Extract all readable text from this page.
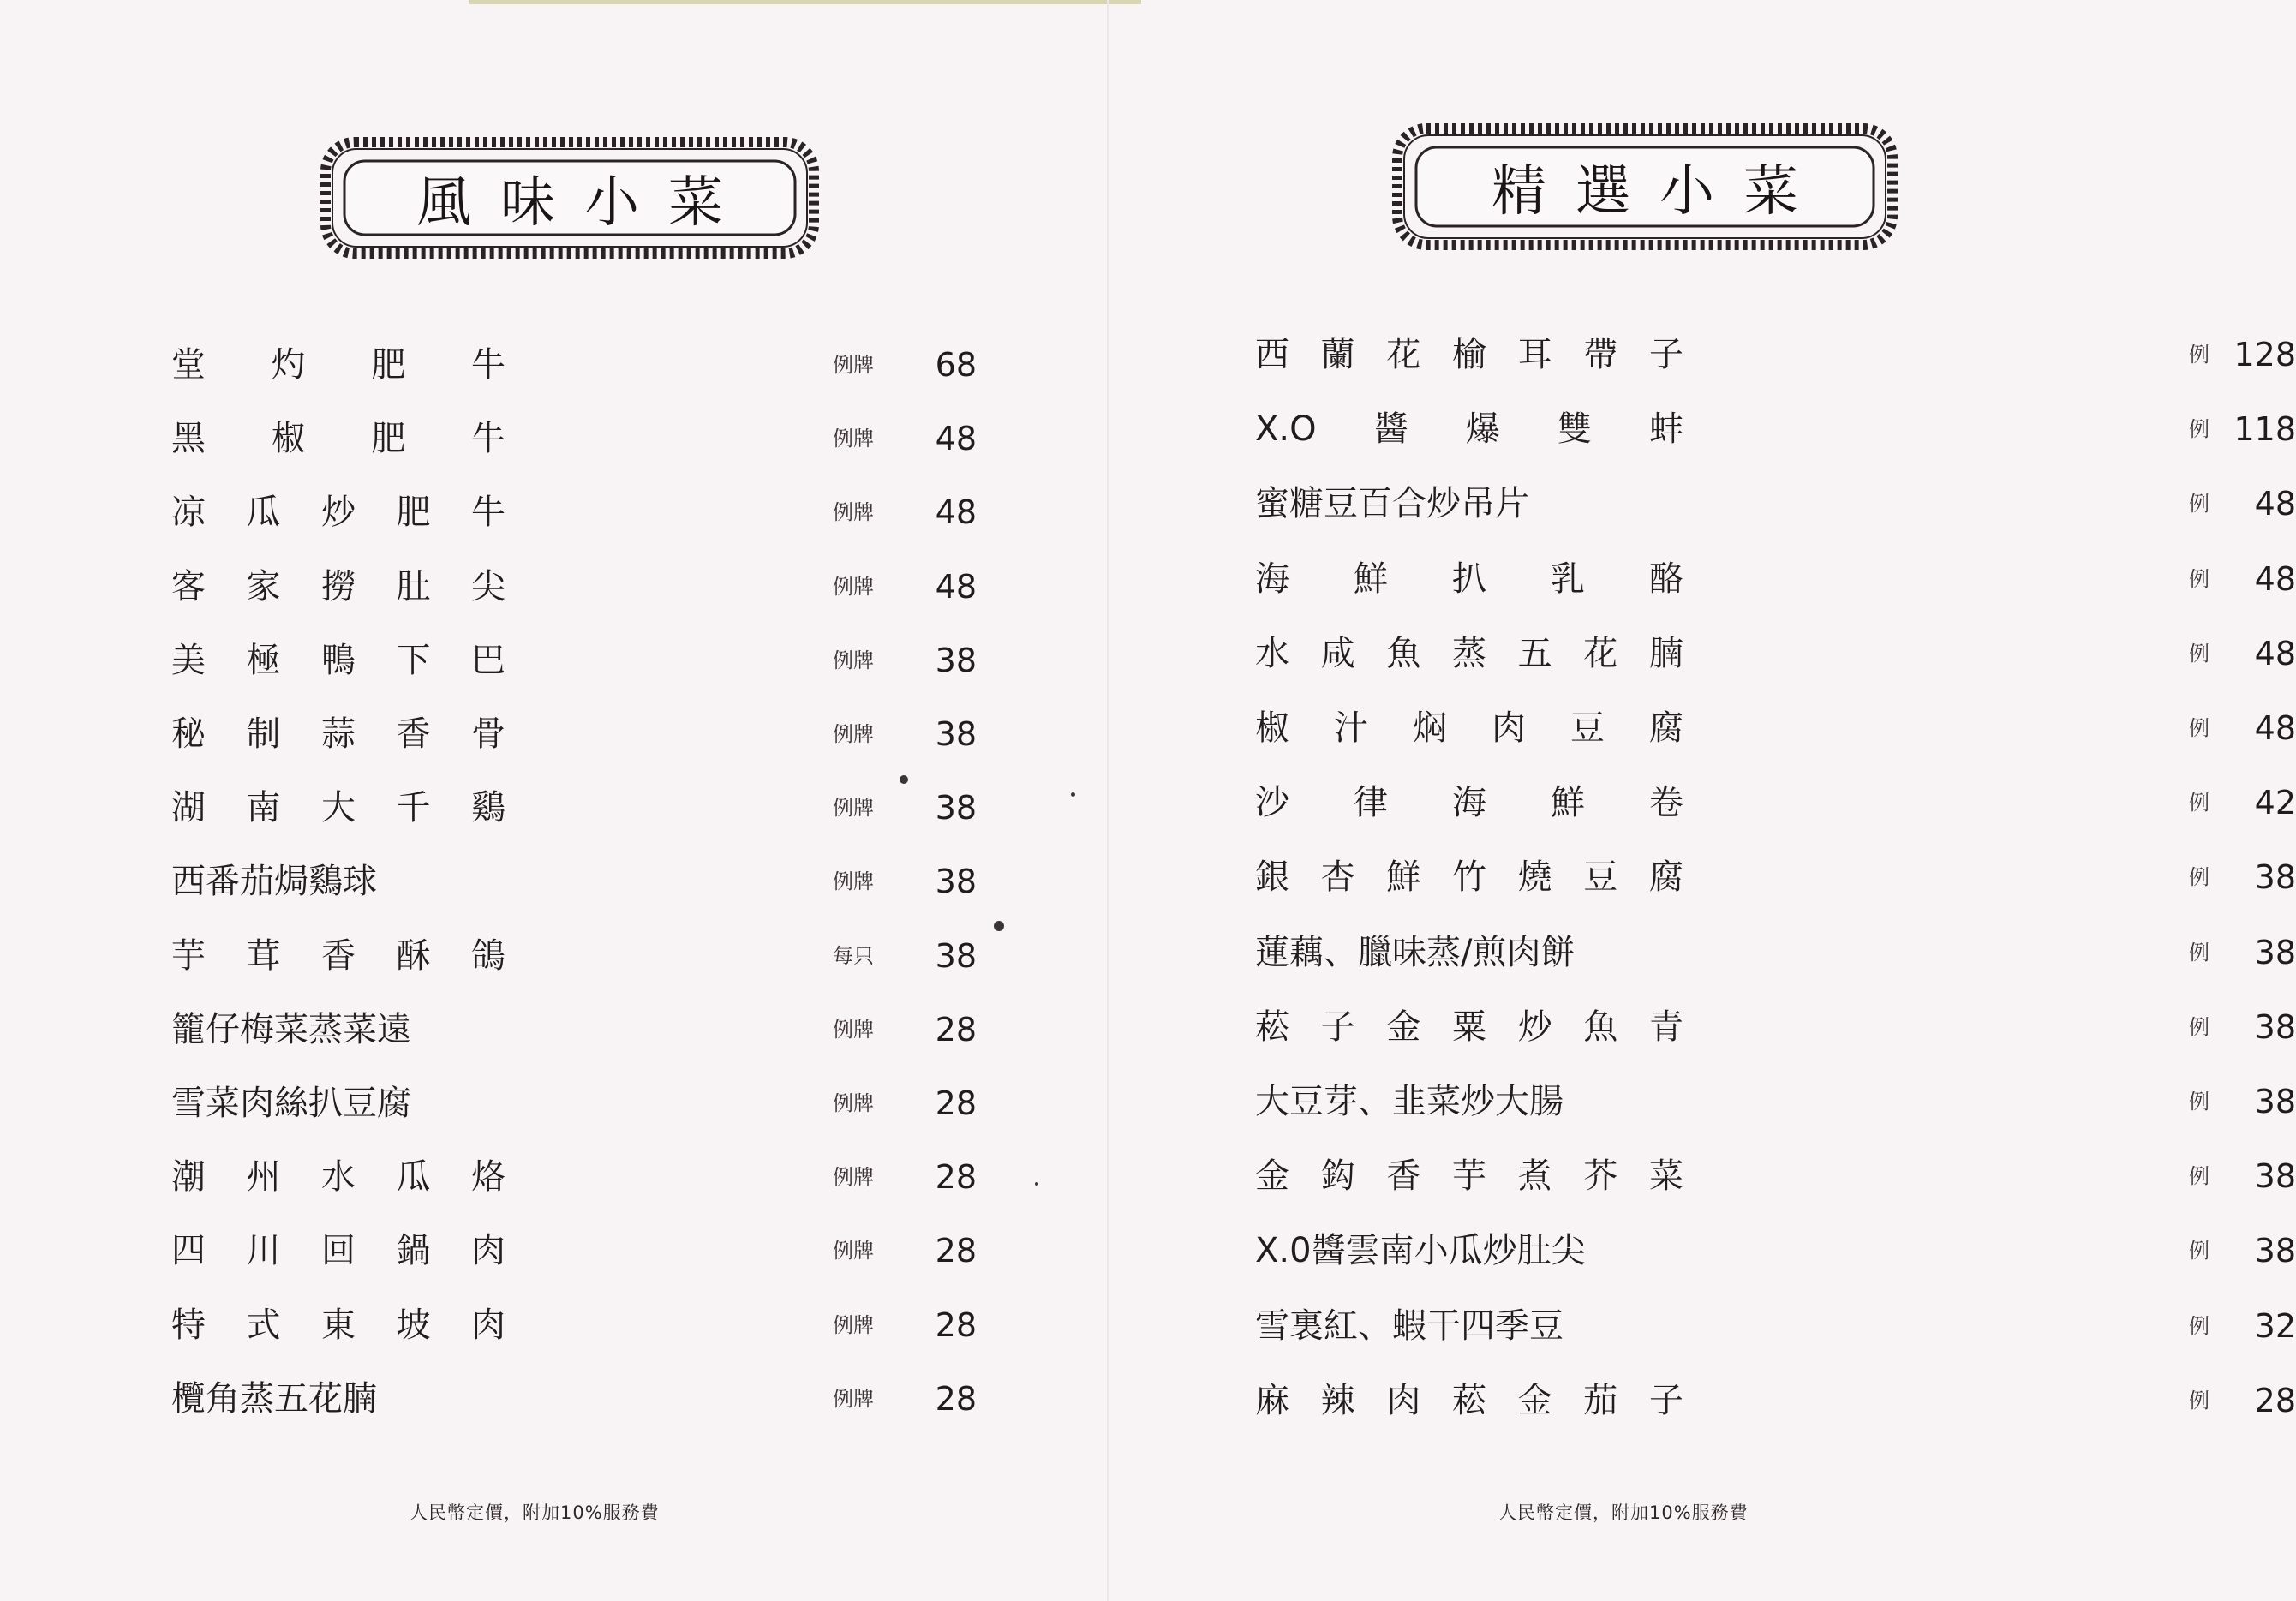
風味小菜
堂 灼 肥 牛	例牌	68
黑 椒 肥 牛	例牌	48
凉 瓜 炒 肥 牛	例牌	48
客 家 撈 肚 尖	例牌	48
美 極 鴨 下 巴	例牌	38
秘 制 蒜 香 骨	例牌	38
湖 南 大 千 鷄	例牌	38
西 番 茄 焗 鷄 球	例牌	38
芋 茸 香 酥 鴿	每只	38
籠 仔 梅 菜 蒸 菜 遠	例牌	28
雪 菜 肉 絲 扒 豆 腐	例牌	28
潮 州 水 瓜 烙	例牌	28
四 川 回 鍋 肉	例牌	28
特 式 東 坡 肉	例牌	28
欖 角 蒸 五 花 腩	例牌	28
人民幣定價，附加10%服務費
精選小菜
西 蘭 花 榆 耳 帶 子	例 128
X.O 醬 爆 雙 蚌	例 118
蜜 糖 豆 百 合 炒 吊 片	例	48
海 鮮 扒 乳 酪	例	48
水 咸 魚 蒸 五 花 腩	例	48
椒 汁 焖 肉 豆 腐	例	48
沙 律 海 鮮 卷	例	42
銀 杏 鮮 竹 燒 豆 腐	例	38
蓮 藕 、 臘 味 蒸 / 煎 肉 餅	例	38
菘 子 金 粟 炒 魚 青	例	38
大 豆 芽 、 韭 菜 炒 大 腸	例	38
金 鈎 香 芋 煮 芥 菜	例	38
X.0 醬 雲 南 小 瓜 炒 肚 尖	例	38
雪 裏 紅 、 蝦 干 四 季 豆	例	32
麻 辣 肉 菘 金 茄 子	例	28
人民幣定價，附加10%服務費
